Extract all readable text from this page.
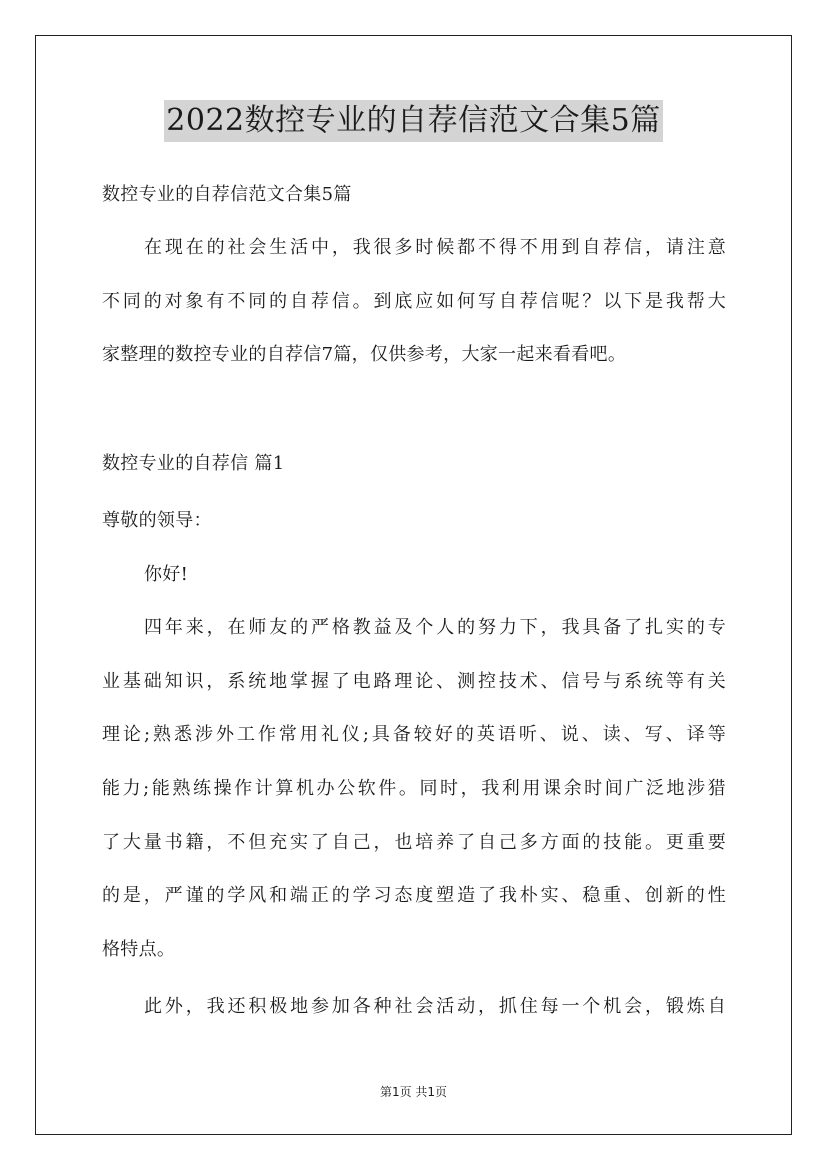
2022数控专业的自荐信范文合集5篇

数控专业的自荐信范文合集5篇

在现在的社会生活中，我很多时候都不得不用到自荐信，请注意

不同的对象有不同的自荐信。到底应如何写自荐信呢？以下是我帮大

家整理的数控专业的自荐信7篇，仅供参考，大家一起来看看吧。

数控专业的自荐信 篇1

尊敬的领导：

你好!

四年来，在师友的严格教益及个人的努力下，我具备了扎实的专

业基础知识，系统地掌握了电路理论、测控技术、信号与系统等有关

理论;熟悉涉外工作常用礼仪;具备较好的英语听、说、读、写、译等

能力;能熟练操作计算机办公软件。同时，我利用课余时间广泛地涉猎

了大量书籍，不但充实了自己，也培养了自己多方面的技能。更重要

的是，严谨的学风和端正的学习态度塑造了我朴实、稳重、创新的性

格特点。

此外，我还积极地参加各种社会活动，抓住每一个机会，锻炼自

第1页 共1页
